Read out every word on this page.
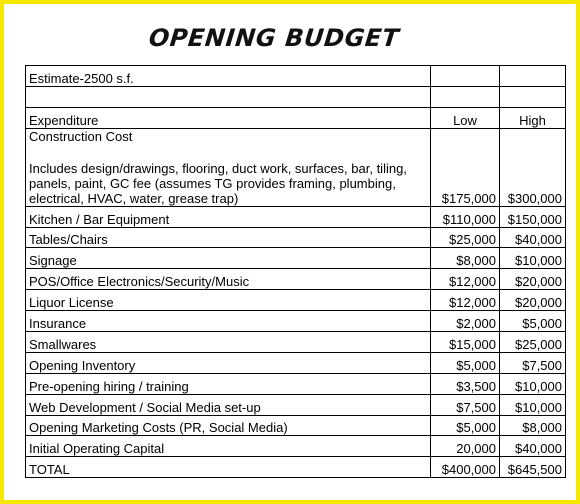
OPENING BUDGET
Estimate-2500 s.f.		

Expenditure	Low	High

Construction Cost
Includes design/drawings, flooring, duct work, surfaces, bar, tiling,
panels, paint, GC fee (assumes TG provides framing, plumbing,
electrical, HVAC, water, grease trap)	$175,000	$300,000
Kitchen / Bar Equipment	$110,000	$150,000
Tables/Chairs	$25,000	$40,000
Signage	$8,000	$10,000
POS/Office Electronics/Security/Music	$12,000	$20,000
Liquor License	$12,000	$20,000
Insurance	$2,000	$5,000
Smallwares	$15,000	$25,000
Opening Inventory	$5,000	$7,500
Pre-opening hiring / training	$3,500	$10,000
Web Development / Social Media set-up	$7,500	$10,000
Opening Marketing Costs (PR, Social Media)	$5,000	$8,000
Initial Operating Capital	20,000	$40,000
TOTAL	$400,000	$645,500
